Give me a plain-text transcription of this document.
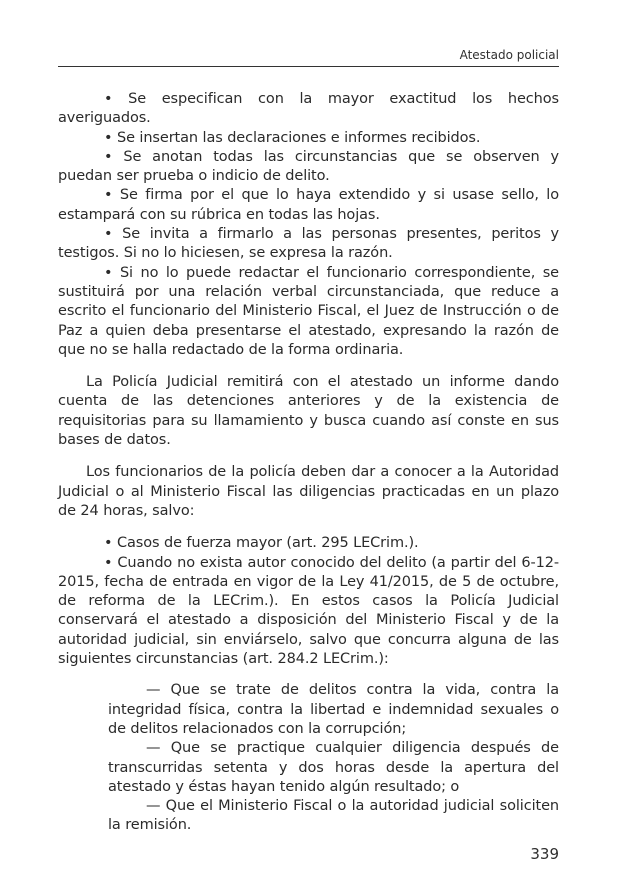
Atestado policial

• Se especifican con la mayor exactitud los hechos averiguados.

• Se insertan las declaraciones e informes recibidos.

• Se anotan todas las circunstancias que se observen y puedan ser prueba o indicio de delito.

• Se firma por el que lo haya extendido y si usase sello, lo estampará con su rúbrica en todas las hojas.

• Se invita a firmarlo a las personas presentes, peritos y testigos. Si no lo hiciesen, se expresa la razón.

• Si no lo puede redactar el funcionario correspondiente, se sustituirá por una relación verbal circunstanciada, que reduce a escrito el funcionario del Ministerio Fiscal, el Juez de Instrucción o de Paz a quien deba presentarse el atestado, expresando la razón de que no se halla redactado de la forma ordinaria.

La Policía Judicial remitirá con el atestado un informe dando cuenta de las detenciones anteriores y de la existencia de requisitorias para su llamamiento y busca cuando así conste en sus bases de datos.

Los funcionarios de la policía deben dar a conocer a la Autoridad Judicial o al Ministerio Fiscal las diligencias practicadas en un plazo de 24 horas, salvo:

• Casos de fuerza mayor (art. 295 LECrim.).

• Cuando no exista autor conocido del delito (a partir del 6-12-2015, fecha de entrada en vigor de la Ley 41/2015, de 5 de octubre, de reforma de la LECrim.). En estos casos la Policía Judicial conservará el atestado a disposición del Ministerio Fiscal y de la autoridad judicial, sin enviárselo, salvo que concurra alguna de las siguientes circunstancias (art. 284.2 LECrim.):

— Que se trate de delitos contra la vida, contra la integridad física, contra la libertad e indemnidad sexuales o de delitos relacionados con la corrupción;

— Que se practique cualquier diligencia después de transcurridas setenta y dos horas desde la apertura del atestado y éstas hayan tenido algún resultado; o

— Que el Ministerio Fiscal o la autoridad judicial soliciten la remisión.

339
